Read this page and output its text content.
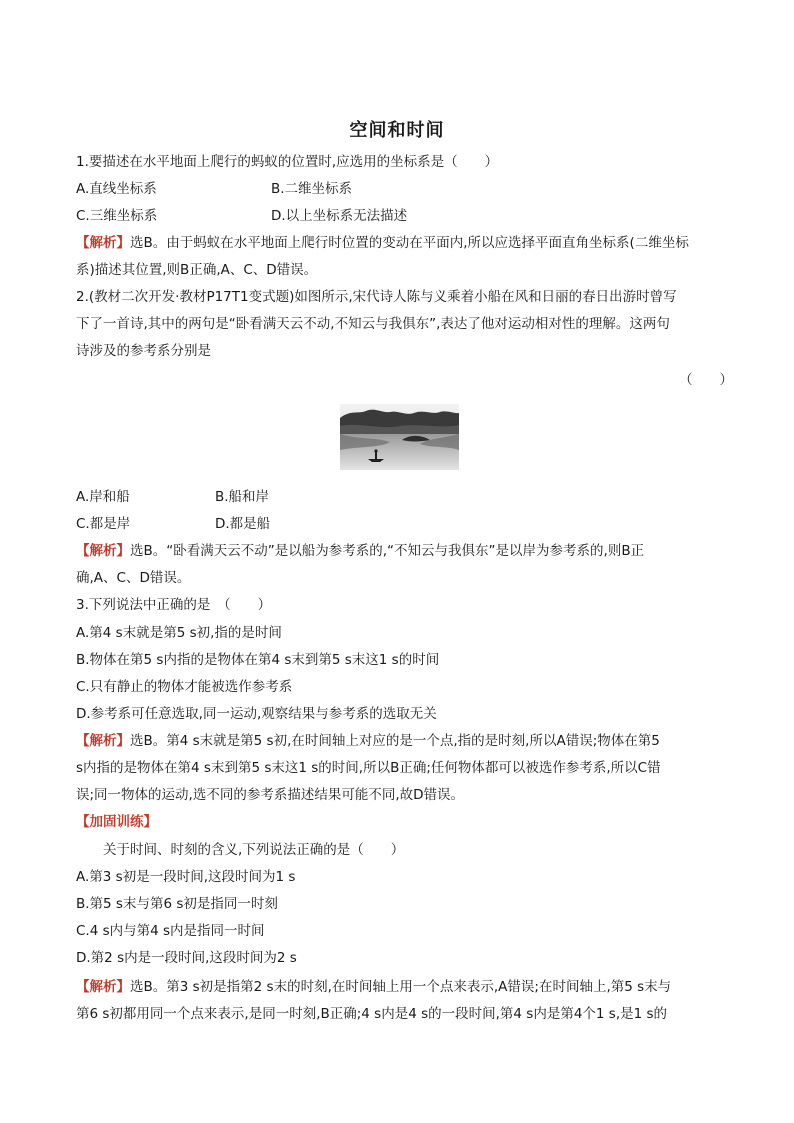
空间和时间
1.要描述在水平地面上爬行的蚂蚁的位置时,应选用的坐标系是（　　）
A.直线坐标系	B.二维坐标系
C.三维坐标系	D.以上坐标系无法描述
【解析】选B。由于蚂蚁在水平地面上爬行时位置的变动在平面内,所以应选择平面直角坐标系(二维坐标
系)描述其位置,则B正确,A、C、D错误。
2.(教材二次开发·教材P17T1变式题)如图所示,宋代诗人陈与义乘着小船在风和日丽的春日出游时曾写
下了一首诗,其中的两句是“卧看满天云不动,不知云与我俱东”,表达了他对运动相对性的理解。这两句
诗涉及的参考系分别是
（　　）
A.岸和船	B.船和岸
C.都是岸	D.都是船
【解析】选B。“卧看满天云不动”是以船为参考系的,“不知云与我俱东”是以岸为参考系的,则B正
确,A、C、D错误。
3.下列说法中正确的是　（　　）
A.第4 s末就是第5 s初,指的是时间
B.物体在第5 s内指的是物体在第4 s末到第5 s末这1 s的时间
C.只有静止的物体才能被选作参考系
D.参考系可任意选取,同一运动,观察结果与参考系的选取无关
【解析】选B。第4 s末就是第5 s初,在时间轴上对应的是一个点,指的是时刻,所以A错误;物体在第5
s内指的是物体在第4 s末到第5 s末这1 s的时间,所以B正确;任何物体都可以被选作参考系,所以C错
误;同一物体的运动,选不同的参考系描述结果可能不同,故D错误。
【加固训练】
关于时间、时刻的含义,下列说法正确的是（　　）
A.第3 s初是一段时间,这段时间为1 s
B.第5 s末与第6 s初是指同一时刻
C.4 s内与第4 s内是指同一时间
D.第2 s内是一段时间,这段时间为2 s
【解析】选B。第3 s初是指第2 s末的时刻,在时间轴上用一个点来表示,A错误;在时间轴上,第5 s末与
第6 s初都用同一个点来表示,是同一时刻,B正确;4 s内是4 s的一段时间,第4 s内是第4个1 s,是1 s的
